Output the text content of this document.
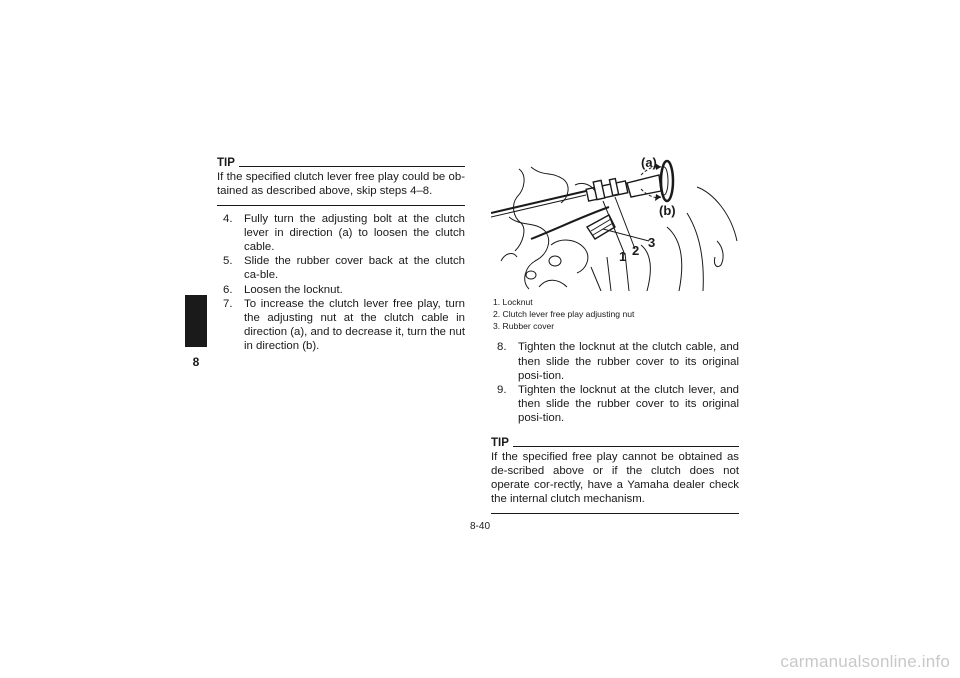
8
TIP
If the specified clutch lever free play could be ob-tained as described above, skip steps 4–8.
4.	Fully turn the adjusting bolt at the clutch lever in direction (a) to loosen the clutch cable.
5.	Slide the rubber cover back at the clutch ca-ble.
6.	Loosen the locknut.
7.	To increase the clutch lever free play, turn the adjusting nut at the clutch cable in direction (a), and to decrease it, turn the nut in direction (b).
(a)
(b)
1 2
3
1. Locknut
2. Clutch lever free play adjusting nut
3. Rubber cover
8.	Tighten the locknut at the clutch cable, and then slide the rubber cover to its original posi-tion.
9.	Tighten the locknut at the clutch lever, and then slide the rubber cover to its original posi-tion.
TIP
If the specified free play cannot be obtained as de-scribed above or if the clutch does not operate cor-rectly, have a Yamaha dealer check the internal clutch mechanism.
8-40
carmanualsonline.info
